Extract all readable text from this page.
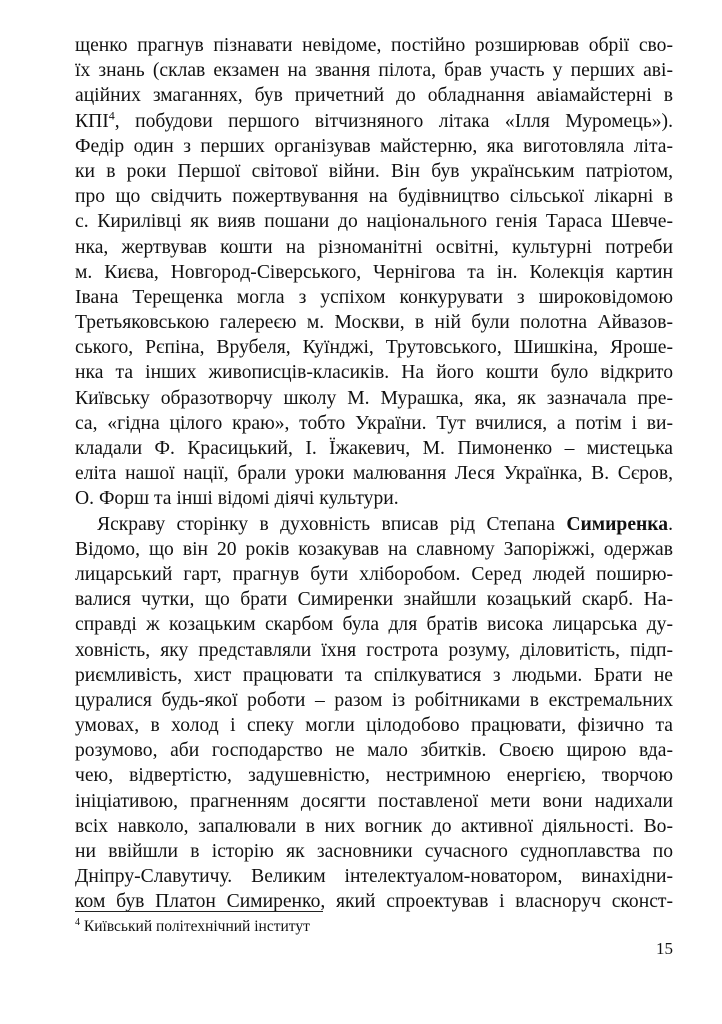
щенко прагнув пізнавати невідоме, постійно розширював обрії сво-
їх знань (склав екзамен на звання пілота, брав участь у перших аві-
аційних змаганнях, був причетний до обладнання авіамайстерні в
КПІ$^4$, побудови першого вітчизняного літака «Ілля Муромець»).
Федір один з перших організував майстерню, яка виготовляла літа-
ки в роки Першої світової війни. Він був українським патріотом,
про що свідчить пожертвування на будівництво сільської лікарні в
с. Кирилівці як вияв пошани до національного генія Тараса Шевче-
нка, жертвував кошти на різноманітні освітні, культурні потреби
м. Києва, Новгород-Сіверського, Чернігова та ін. Колекція картин
Івана Терещенка могла з успіхом конкурувати з широковідомою
Третьяковською галереєю м. Москви, в ній були полотна Айвазов-
ського, Рєпіна, Врубеля, Куїнджі, Трутовського, Шишкіна, Ярoше-
нка та інших живописців-класиків. На його кошти було відкрито
Київську образотворчу школу М. Мурашка, яка, як зазначала пре-
са, «гідна цілого краю», тобто України. Тут вчилися, а потім і ви-
кладали Ф. Красицький, І. Їжакевич, М. Пимоненко – мистецька
еліта нашої нації, брали уроки малювання Леся Українка, В. Сєров,
О. Форш та інші відомі діячі культури.
Яскраву сторінку в духовність вписав рід Степана Симиренка.
Відомо, що він 20 років козакував на славному Запоріжжі, одержав
лицарський гарт, прагнув бути хліборобом. Серед людей поширю-
валися чутки, що брати Симиренки знайшли козацький скарб. На-
справді ж козацьким скарбом була для братів висока лицарська ду-
ховність, яку представляли їхня гострота розуму, діловитість, підп-
риємливість, хист працювати та спілкуватися з людьми. Брати не
цуралися будь-якої роботи – разом із робітниками в екстремальних
умовах, в холод і спеку могли цілодобово працювати, фізично та
розумово, аби господарство не мало збитків. Своєю щирою вда-
чею, відвертістю, задушевністю, нестримною енергією, творчою
ініціативою, прагненням досягти поставленої мети вони надихали
всіх навколо, запалювали в них вогник до активної діяльності. Во-
ни ввійшли в історію як засновники сучасного судноплавства по
Дніпру-Славутичу. Великим інтелектуалом-новатором, винахідни-
ком був Платон Симиренко, який спроектував і власноруч сконст-
$^4$ Київський політехнічний інститут
15
